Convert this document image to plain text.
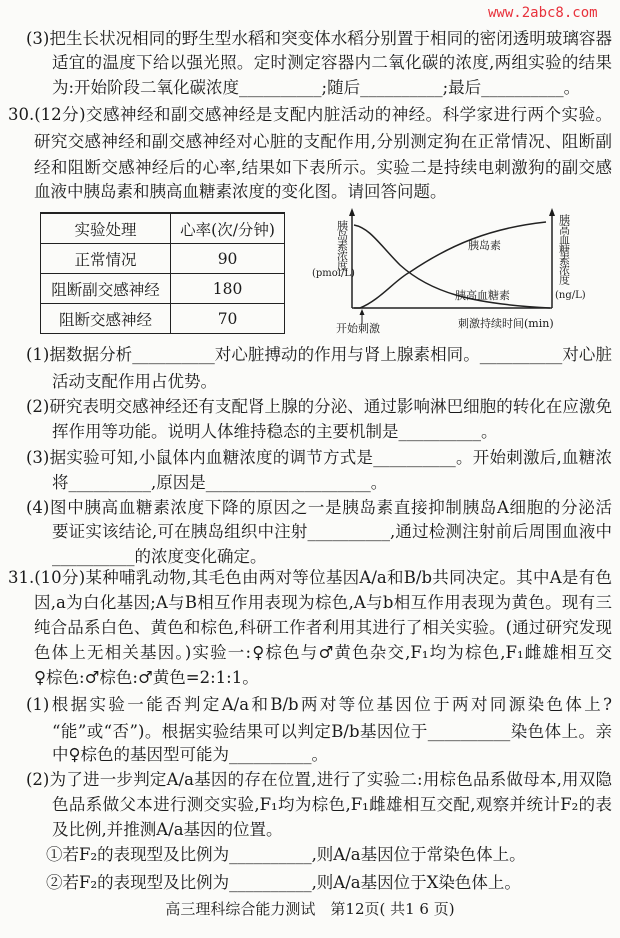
www.2abc8.com
(3)把生长状况相同的野生型水稻和突变体水稻分别置于相同的密闭透明玻璃容器
适宜的温度下给以强光照。定时测定容器内二氧化碳的浓度,两组实验的结果
为:开始阶段二氧化碳浓度__________;随后__________;最后__________。
30.(12分)交感神经和副交感神经是支配内脏活动的神经。科学家进行两个实验。
研究交感神经和副交感神经对心脏的支配作用,分别测定狗在正常情况、阻断副
经和阻断交感神经后的心率,结果如下表所示。实验二是持续电刺激狗的副交感
血液中胰岛素和胰高血糖素浓度的变化图。请回答问题。
(1)据数据分析__________对心脏搏动的作用与肾上腺素相同。__________对心脏
活动支配作用占优势。
(2)研究表明交感神经还有支配肾上腺的分泌、通过影响淋巴细胞的转化在应激免
挥作用等功能。说明人体维持稳态的主要机制是__________。
(3)据实验可知,小鼠体内血糖浓度的调节方式是__________。开始刺激后,血糖浓
将__________,原因是____________________。
(4)图中胰高血糖素浓度下降的原因之一是胰岛素直接抑制胰岛A细胞的分泌活
要证实该结论,可在胰岛组织中注射__________,通过检测注射前后周围血液中
__________的浓度变化确定。
31.(10分)某种哺乳动物,其毛色由两对等位基因A/a和B/b共同决定。其中A是有色
因,a为白化基因;A与B相互作用表现为棕色,A与b相互作用表现为黄色。现有三
纯合品系白色、黄色和棕色,科研工作者利用其进行了相关实验。(通过研究发现
色体上无相关基因。)实验一:♀棕色与♂黄色杂交,F₁均为棕色,F₁雌雄相互交
♀棕色:♂棕色:♂黄色=2:1:1。
(1)根据实验一能否判定A/a和B/b两对等位基因位于两对同源染色体上?
“能”或“否”)。根据实验结果可以判定B/b基因位于__________染色体上。亲
中♀棕色的基因型可能为__________。
(2)为了进一步判定A/a基因的存在位置,进行了实验二:用棕色品系做母本,用双隐
色品系做父本进行测交实验,F₁均为棕色,F₁雌雄相互交配,观察并统计F₂的表
及比例,并推测A/a基因的位置。
①若F₂的表现型及比例为__________,则A/a基因位于常染色体上。
②若F₂的表现型及比例为__________,则A/a基因位于X染色体上。
实验处理	心率(次/分钟)
正常情况	90
阻断副交感神经	180
阻断交感神经	70
胰岛素
胰高血糖素
开始刺激	刺激持续时间(min)
胰岛素浓度
(pmol/L)	胰高血糖素浓度
(ng/L)
高三理科综合能力测试　第12页( 共1 6 页)
